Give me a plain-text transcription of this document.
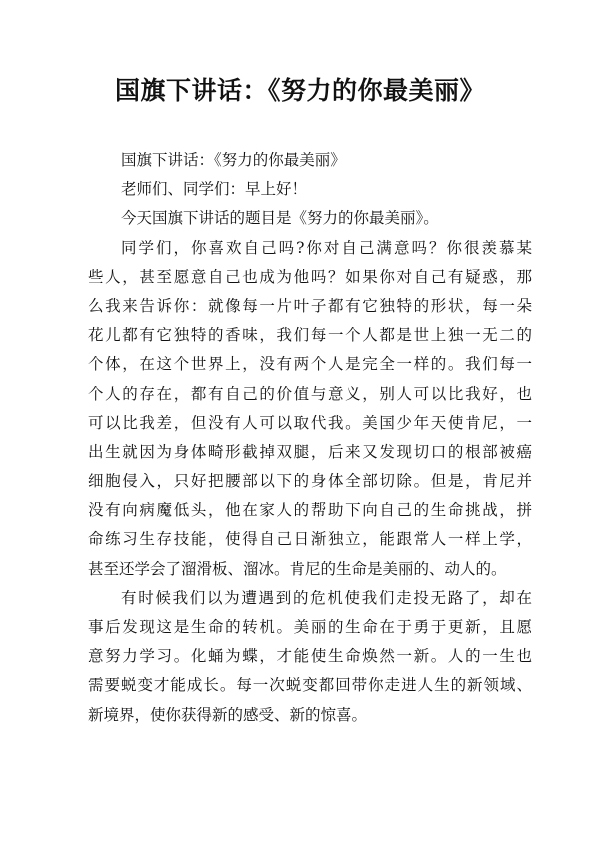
国旗下讲话：《努力的你最美丽》

国旗下讲话：《努力的你最美丽》

老师们、同学们：早上好！

今天国旗下讲话的题目是《努力的你最美丽》。

同学们，你喜欢自己吗?你对自己满意吗？你很羡慕某

些人，甚至愿意自己也成为他吗？如果你对自己有疑惑，那

么我来告诉你：就像每一片叶子都有它独特的形状，每一朵

花儿都有它独特的香味，我们每一个人都是世上独一无二的

个体，在这个世界上，没有两个人是完全一样的。我们每一

个人的存在，都有自己的价值与意义，别人可以比我好，也

可以比我差，但没有人可以取代我。美国少年天使肯尼，一

出生就因为身体畸形截掉双腿，后来又发现切口的根部被癌

细胞侵入，只好把腰部以下的身体全部切除。但是，肯尼并

没有向病魔低头，他在家人的帮助下向自己的生命挑战，拼

命练习生存技能，使得自己日渐独立，能跟常人一样上学，

甚至还学会了溜滑板、溜冰。肯尼的生命是美丽的、动人的。

有时候我们以为遭遇到的危机使我们走投无路了，却在

事后发现这是生命的转机。美丽的生命在于勇于更新，且愿

意努力学习。化蛹为蝶，才能使生命焕然一新。人的一生也

需要蜕变才能成长。每一次蜕变都回带你走进人生的新领域、

新境界，使你获得新的感受、新的惊喜。
